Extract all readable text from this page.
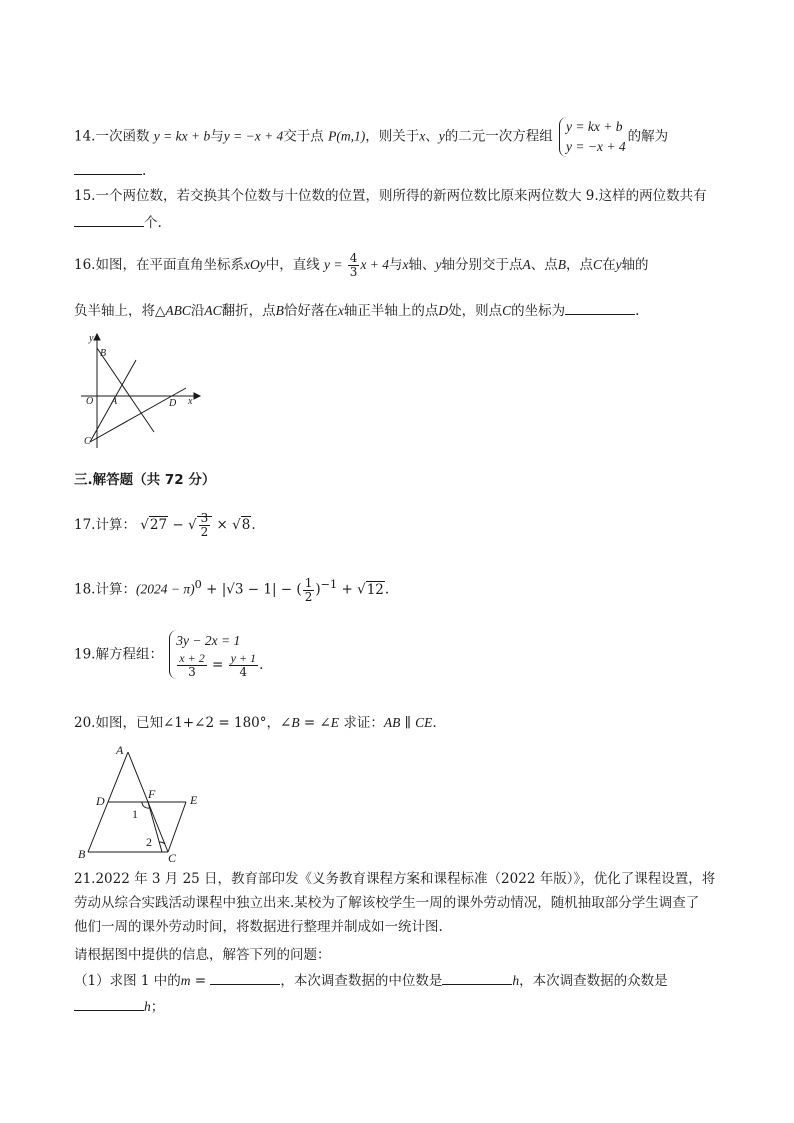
14.一次函数 y = kx + b与y = −x + 4交于点 P(m,1)，则关于x、y的二元一次方程组
y = kx + b
y = −x + 4
的解为
.
15.一个两位数，若交换其个位数与十位数的位置，则所得的新两位数比原来两位数大 9.这样的两位数共有
个.
16.如图，在平面直角坐标系xOy中，直线 $y = \frac{4}{3}$ x + 4与x轴、y轴分别交于点A、点B，点C在y轴的
负半轴上，将△ABC沿AC翻折，点B恰好落在x轴正半轴上的点D处，则点C的坐标为	.
y
B
O A	D x
C
三.解答题（共 72 分）
17.计算： √27 − √ $\frac{3}{2} \times √8$.
18.计算：$(2024 - \pi)^0 + |√3 - 1|$ − ( $\frac{1}{2} )^{-1} + √12$.
19.解方程组：
3y − 2x = 1
$\frac{x + 2}{3} = \frac{y + 1}{4}$ .
20.如图，已知∠1+∠2 = 180°，∠B = ∠E 求证：AB ∥ CE.
A
D	F	E
1
2
B	C
21.2022 年 3 月 25 日，教育部印发《义务教育课程方案和课程标准（2022 年版）》，优化了课程设置，将
劳动从综合实践活动课程中独立出来.某校为了解该校学生一周的课外劳动情况，随机抽取部分学生调查了
他们一周的课外劳动时间，将数据进行整理并制成如一统计图.
请根据图中提供的信息，解答下列的问题：
（1）求图 1 中的m =	，本次调查数据的中位数是	h，本次调查数据的众数是
h；
